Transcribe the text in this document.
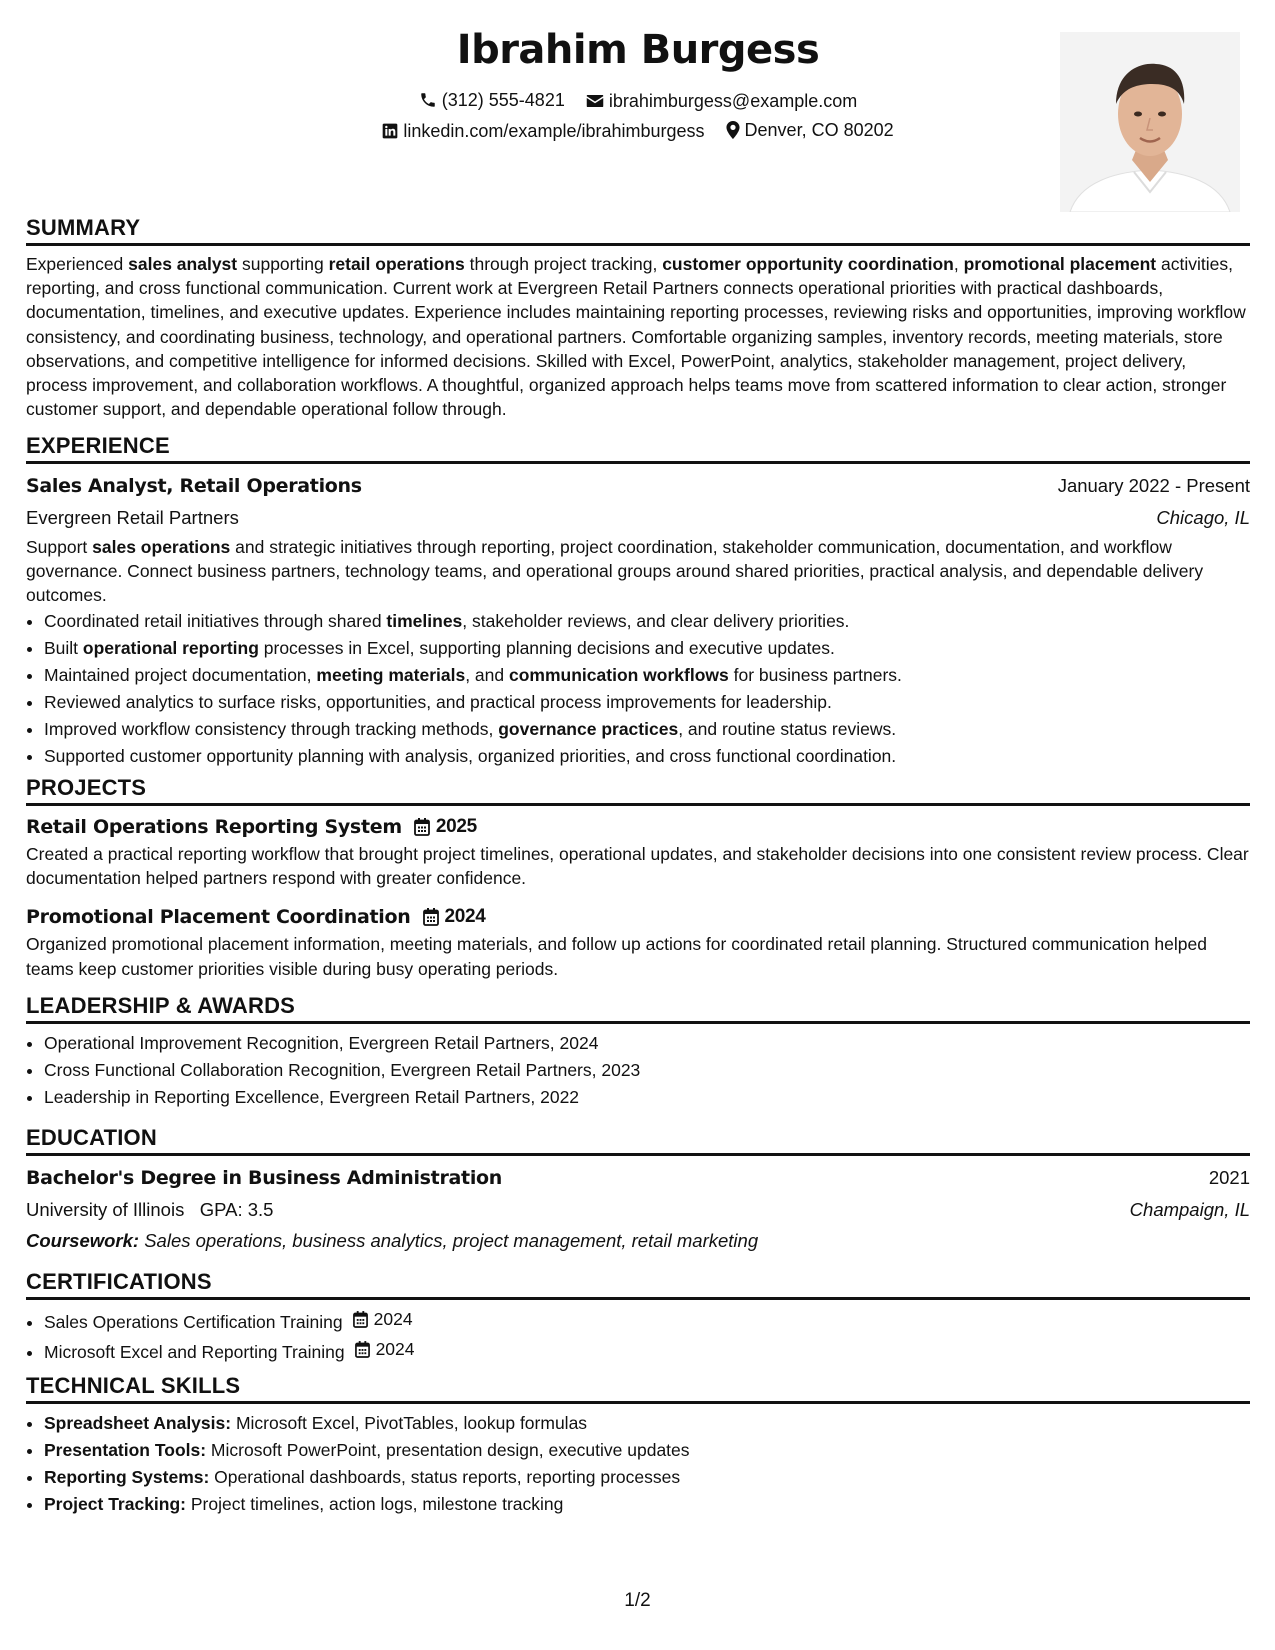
Ibrahim Burgess
(312) 555-4821
ibrahimburgess@example.com
linkedin.com/example/ibrahimburgess
Denver, CO 80202
SUMMARY

Experienced sales analyst supporting retail operations through project tracking, customer opportunity coordination, promotional placement activities, reporting, and cross functional communication. Current work at Evergreen Retail Partners connects operational priorities with practical dashboards, documentation, timelines, and executive updates. Experience includes maintaining reporting processes, reviewing risks and opportunities, improving workflow consistency, and coordinating business, technology, and operational partners. Comfortable organizing samples, inventory records, meeting materials, store observations, and competitive intelligence for informed decisions. Skilled with Excel, PowerPoint, analytics, stakeholder management, project delivery, process improvement, and collaboration workflows. A thoughtful, organized approach helps teams move from scattered information to clear action, stronger customer support, and dependable operational follow through.

EXPERIENCE
Sales Analyst, Retail Operations	January 2022 - Present
Evergreen Retail Partners	Chicago, IL

Support sales operations and strategic initiatives through reporting, project coordination, stakeholder communication, documentation, and workflow governance. Connect business partners, technology teams, and operational groups around shared priorities, practical analysis, and dependable delivery outcomes.

• Coordinated retail initiatives through shared timelines, stakeholder reviews, and clear delivery priorities.
• Built operational reporting processes in Excel, supporting planning decisions and executive updates.
• Maintained project documentation, meeting materials, and communication workflows for business partners.
• Reviewed analytics to surface risks, opportunities, and practical process improvements for leadership.
• Improved workflow consistency through tracking methods, governance practices, and routine status reviews.
• Supported customer opportunity planning with analysis, organized priorities, and cross functional coordination.
PROJECTS
Retail Operations Reporting System 2025

Created a practical reporting workflow that brought project timelines, operational updates, and stakeholder decisions into one consistent review process. Clear documentation helped partners respond with greater confidence.

Promotional Placement Coordination 2024

Organized promotional placement information, meeting materials, and follow up actions for coordinated retail planning. Structured communication helped teams keep customer priorities visible during busy operating periods.

LEADERSHIP & AWARDS
• Operational Improvement Recognition, Evergreen Retail Partners, 2024
• Cross Functional Collaboration Recognition, Evergreen Retail Partners, 2023
• Leadership in Reporting Excellence, Evergreen Retail Partners, 2022
EDUCATION
Bachelor's Degree in Business Administration	2021
University of Illinois GPA: 3.5	Champaign, IL
Coursework: Sales operations, business analytics, project management, retail marketing
CERTIFICATIONS
• Sales Operations Certification Training 2024
• Microsoft Excel and Reporting Training 2024
TECHNICAL SKILLS
• Spreadsheet Analysis: Microsoft Excel, PivotTables, lookup formulas
• Presentation Tools: Microsoft PowerPoint, presentation design, executive updates
• Reporting Systems: Operational dashboards, status reports, reporting processes
• Project Tracking: Project timelines, action logs, milestone tracking
1/2
